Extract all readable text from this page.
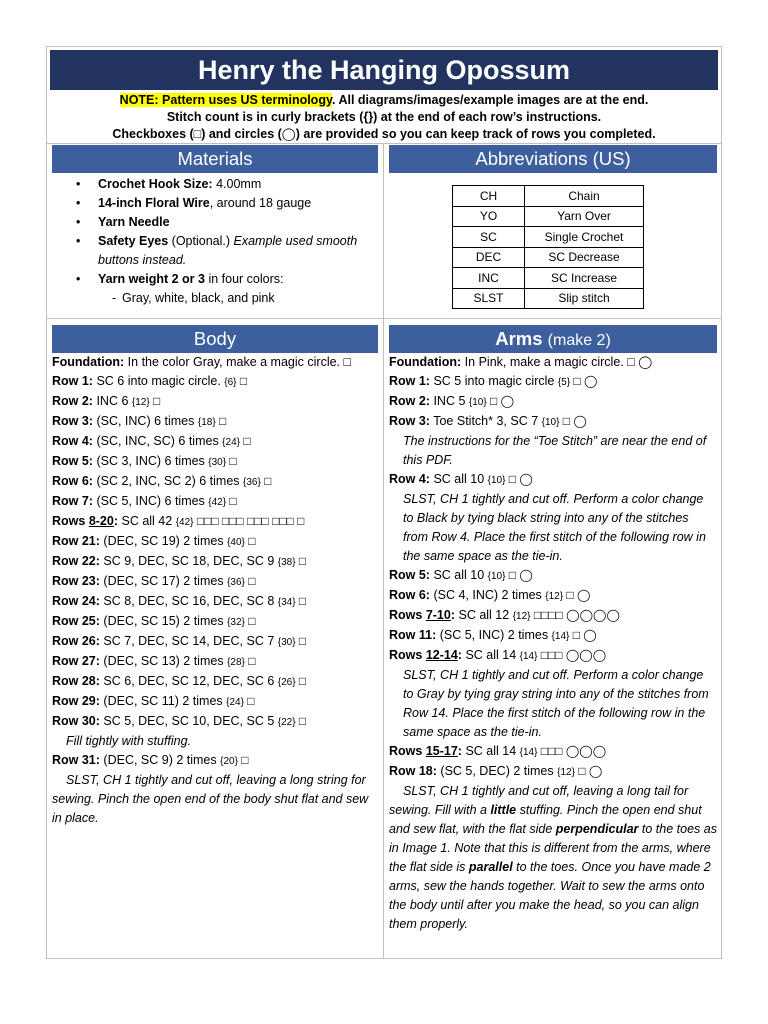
Henry the Hanging Opossum
NOTE: Pattern uses US terminology. All diagrams/images/example images are at the end.
Stitch count is in curly brackets ({}) at the end of each row’s instructions.
Checkboxes (□) and circles (◯) are provided so you can keep track of rows you completed.
Materials
• Crochet Hook Size: 4.00mm
• 14-inch Floral Wire, around 18 gauge
• Yarn Needle
• Safety Eyes (Optional.) Example used smooth buttons instead.
• Yarn weight 2 or 3 in four colors:
- Gray, white, black, and pink
Abbreviations (US)
CH	Chain
YO	Yarn Over
SC	Single Crochet
DEC	SC Decrease
INC	SC Increase
SLST	Slip stitch
Body

Foundation: In the color Gray, make a magic circle. □

Row 1: SC 6 into magic circle. {6} □

Row 2: INC 6 {12} □

Row 3: (SC, INC) 6 times {18} □

Row 4: (SC, INC, SC) 6 times {24} □

Row 5: (SC 3, INC) 6 times {30} □

Row 6: (SC 2, INC, SC 2) 6 times {36} □

Row 7: (SC 5, INC) 6 times {42} □

Rows 8-20: SC all 42 {42} □□□ □□□ □□□ □□□ □

Row 21: (DEC, SC 19) 2 times {40} □

Row 22: SC 9, DEC, SC 18, DEC, SC 9 {38} □

Row 23: (DEC, SC 17) 2 times {36} □

Row 24: SC 8, DEC, SC 16, DEC, SC 8 {34} □

Row 25: (DEC, SC 15) 2 times {32} □

Row 26: SC 7, DEC, SC 14, DEC, SC 7 {30} □

Row 27: (DEC, SC 13) 2 times {28} □

Row 28: SC 6, DEC, SC 12, DEC, SC 6 {26} □

Row 29: (DEC, SC 11) 2 times {24} □

Row 30: SC 5, DEC, SC 10, DEC, SC 5 {22} □

Fill tightly with stuffing.

Row 31: (DEC, SC 9) 2 times {20} □

SLST, CH 1 tightly and cut off, leaving a long string for sewing. Pinch the open end of the body shut flat and sew in place.

Arms (make 2)

Foundation: In Pink, make a magic circle. □ ◯

Row 1: SC 5 into magic circle {5} □ ◯

Row 2: INC 5 {10} □ ◯

Row 3: Toe Stitch* 3, SC 7 {10} □ ◯

The instructions for the “Toe Stitch” are near the end of this PDF.

Row 4: SC all 10 {10} □ ◯

SLST, CH 1 tightly and cut off. Perform a color change to Black by tying black string into any of the stitches from Row 4. Place the first stitch of the following row in the same space as the tie-in.

Row 5: SC all 10 {10} □ ◯

Row 6: (SC 4, INC) 2 times {12} □ ◯

Rows 7-10: SC all 12 {12} □□□□ ◯◯◯◯

Row 11: (SC 5, INC) 2 times {14} □ ◯

Rows 12-14: SC all 14 {14} □□□ ◯◯◯

SLST, CH 1 tightly and cut off. Perform a color change to Gray by tying gray string into any of the stitches from Row 14. Place the first stitch of the following row in the same space as the tie-in.

Rows 15-17: SC all 14 {14} □□□ ◯◯◯

Row 18: (SC 5, DEC) 2 times {12} □ ◯

SLST, CH 1 tightly and cut off, leaving a long tail for sewing. Fill with a little stuffing. Pinch the open end shut and sew flat, with the flat side perpendicular to the toes as in Image 1. Note that this is different from the arms, where the flat side is parallel to the toes. Once you have made 2 arms, sew the hands together. Wait to sew the arms onto the body until after you make the head, so you can align them properly.
